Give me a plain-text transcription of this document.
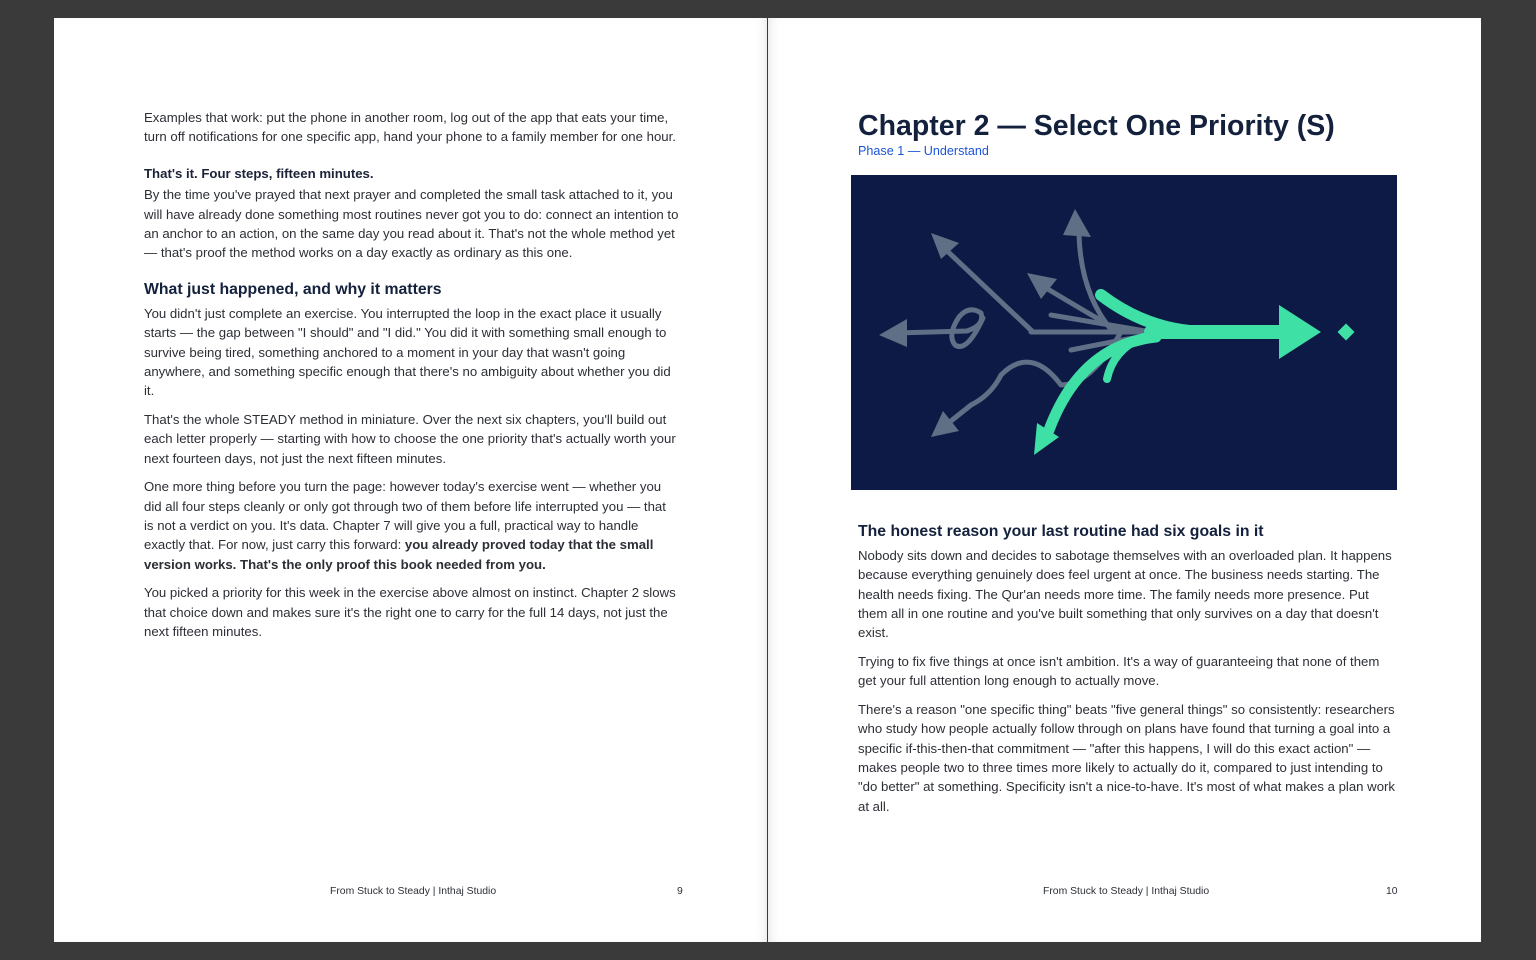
Examples that work: put the phone in another room, log out of the app that eats your time, turn off notifications for one specific app, hand your phone to a family member for one hour.

That's it. Four steps, fifteen minutes.

By the time you've prayed that next prayer and completed the small task attached to it, you will have already done something most routines never got you to do: connect an intention to an anchor to an action, on the same day you read about it. That's not the whole method yet — that's proof the method works on a day exactly as ordinary as this one.

What just happened, and why it matters

You didn't just complete an exercise. You interrupted the loop in the exact place it usually starts — the gap between "I should" and "I did." You did it with something small enough to survive being tired, something anchored to a moment in your day that wasn't going anywhere, and something specific enough that there's no ambiguity about whether you did it.

That's the whole STEADY method in miniature. Over the next six chapters, you'll build out each letter properly — starting with how to choose the one priority that's actually worth your next fourteen days, not just the next fifteen minutes.

One more thing before you turn the page: however today's exercise went — whether you did all four steps cleanly or only got through two of them before life interrupted you — that is not a verdict on you. It's data. Chapter 7 will give you a full, practical way to handle exactly that. For now, just carry this forward: you already proved today that the small version works. That's the only proof this book needed from you.

You picked a priority for this week in the exercise above almost on instinct. Chapter 2 slows that choice down and makes sure it's the right one to carry for the full 14 days, not just the next fifteen minutes.

From Stuck to Steady | Inthaj Studio	9
Chapter 2 — Select One Priority (S)
Phase 1 — Understand
The honest reason your last routine had six goals in it

Nobody sits down and decides to sabotage themselves with an overloaded plan. It happens because everything genuinely does feel urgent at once. The business needs starting. The health needs fixing. The Qur'an needs more time. The family needs more presence. Put them all in one routine and you've built something that only survives on a day that doesn't exist.

Trying to fix five things at once isn't ambition. It's a way of guaranteeing that none of them get your full attention long enough to actually move.

There's a reason "one specific thing" beats "five general things" so consistently: researchers who study how people actually follow through on plans have found that turning a goal into a specific if-this-then-that commitment — "after this happens, I will do this exact action" — makes people two to three times more likely to actually do it, compared to just intending to "do better" at something. Specificity isn't a nice-to-have. It's most of what makes a plan work at all.

From Stuck to Steady | Inthaj Studio	10
